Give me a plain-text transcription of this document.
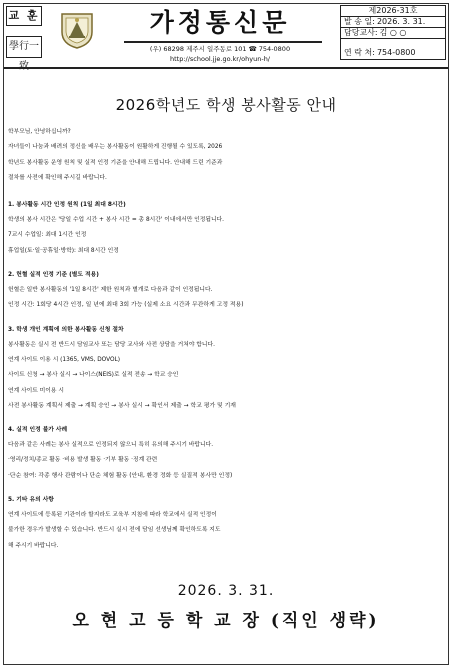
교 훈
學行一
가정통신문
(우) 68298 제주시 일주동로 101 ☎ 754-0800
http://school.jje.go.kr/ohyun-h/
제2026-31호
발 송 일: 2026. 3. 31.
담당교사: 김 ○ ○
연 락 처: 754-0800
2026학년도 학생 봉사활동 안내
학부모님, 안녕하십니까?
자녀들이 나눔과 배려의 정신을 배우는 봉사활동이 원활하게 진행될 수 있도록, 2026
학년도 봉사활동 운영 원칙 및 실적 인정 기준을 안내해 드립니다. 안내해 드린 기준과
절차를 사전에 확인해 주시길 바랍니다.
1. 봉사활동 시간 인정 원칙 (1일 최대 8시간)
학생의 봉사 시간은 '당일 수업 시간 + 봉사 시간 = 총 8시간' 이내에서만 인정됩니다.
7교시 수업일: 최대 1시간 인정
휴업일(토·일·공휴일·방학): 최대 8시간 인정
2. 헌혈 실적 인정 기준 (별도 적용)
헌혈은 일반 봉사활동의 '1일 8시간' 제한 원칙과 별개로 다음과 같이 인정됩니다.
인정 시간: 1회당 4시간 인정, 일 년에 최대 3회 가능 (실제 소요 시간과 무관하게 고정 적용)
3. 학생 개인 계획에 의한 봉사활동 신청 절차
봉사활동은 실시 전 반드시 담임교사 또는 담당 교사와 사전 상담을 거쳐야 합니다.
연계 사이트 이용 시 (1365, VMS, DOVOL)
사이트 신청 → 봉사 실시 → 나이스(NEIS)로 실적 전송 → 학교 승인
연계 사이트 미이용 시
사전 봉사활동 계획서 제출 → 계획 승인 → 봉사 실시 → 확인서 제출 → 학교 평가 및 기재
4. 실적 인정 불가 사례
다음과 같은 사례는 봉사 실적으로 인정되지 않으니 특히 유의해 주시기 바랍니다.
·영리/정치/종교 활동 ·비용 발생 활동 ·기부 활동 ·징계 관련
·단순 참여: 각종 행사 관람이나 단순 체험 활동 (안내, 환경 정화 등 실질적 봉사만 인정)
5. 기타 유의 사항
연계 사이트에 등록된 기관이라 할지라도 교육부 지침에 따라 학교에서 실적 인정이
불가한 경우가 발생할 수 있습니다. 반드시 실시 전에 담임 선생님께 확인하도록 지도
해 주시기 바랍니다.
2026. 3. 31.
오 현 고 등 학 교 장 (직인 생략)
